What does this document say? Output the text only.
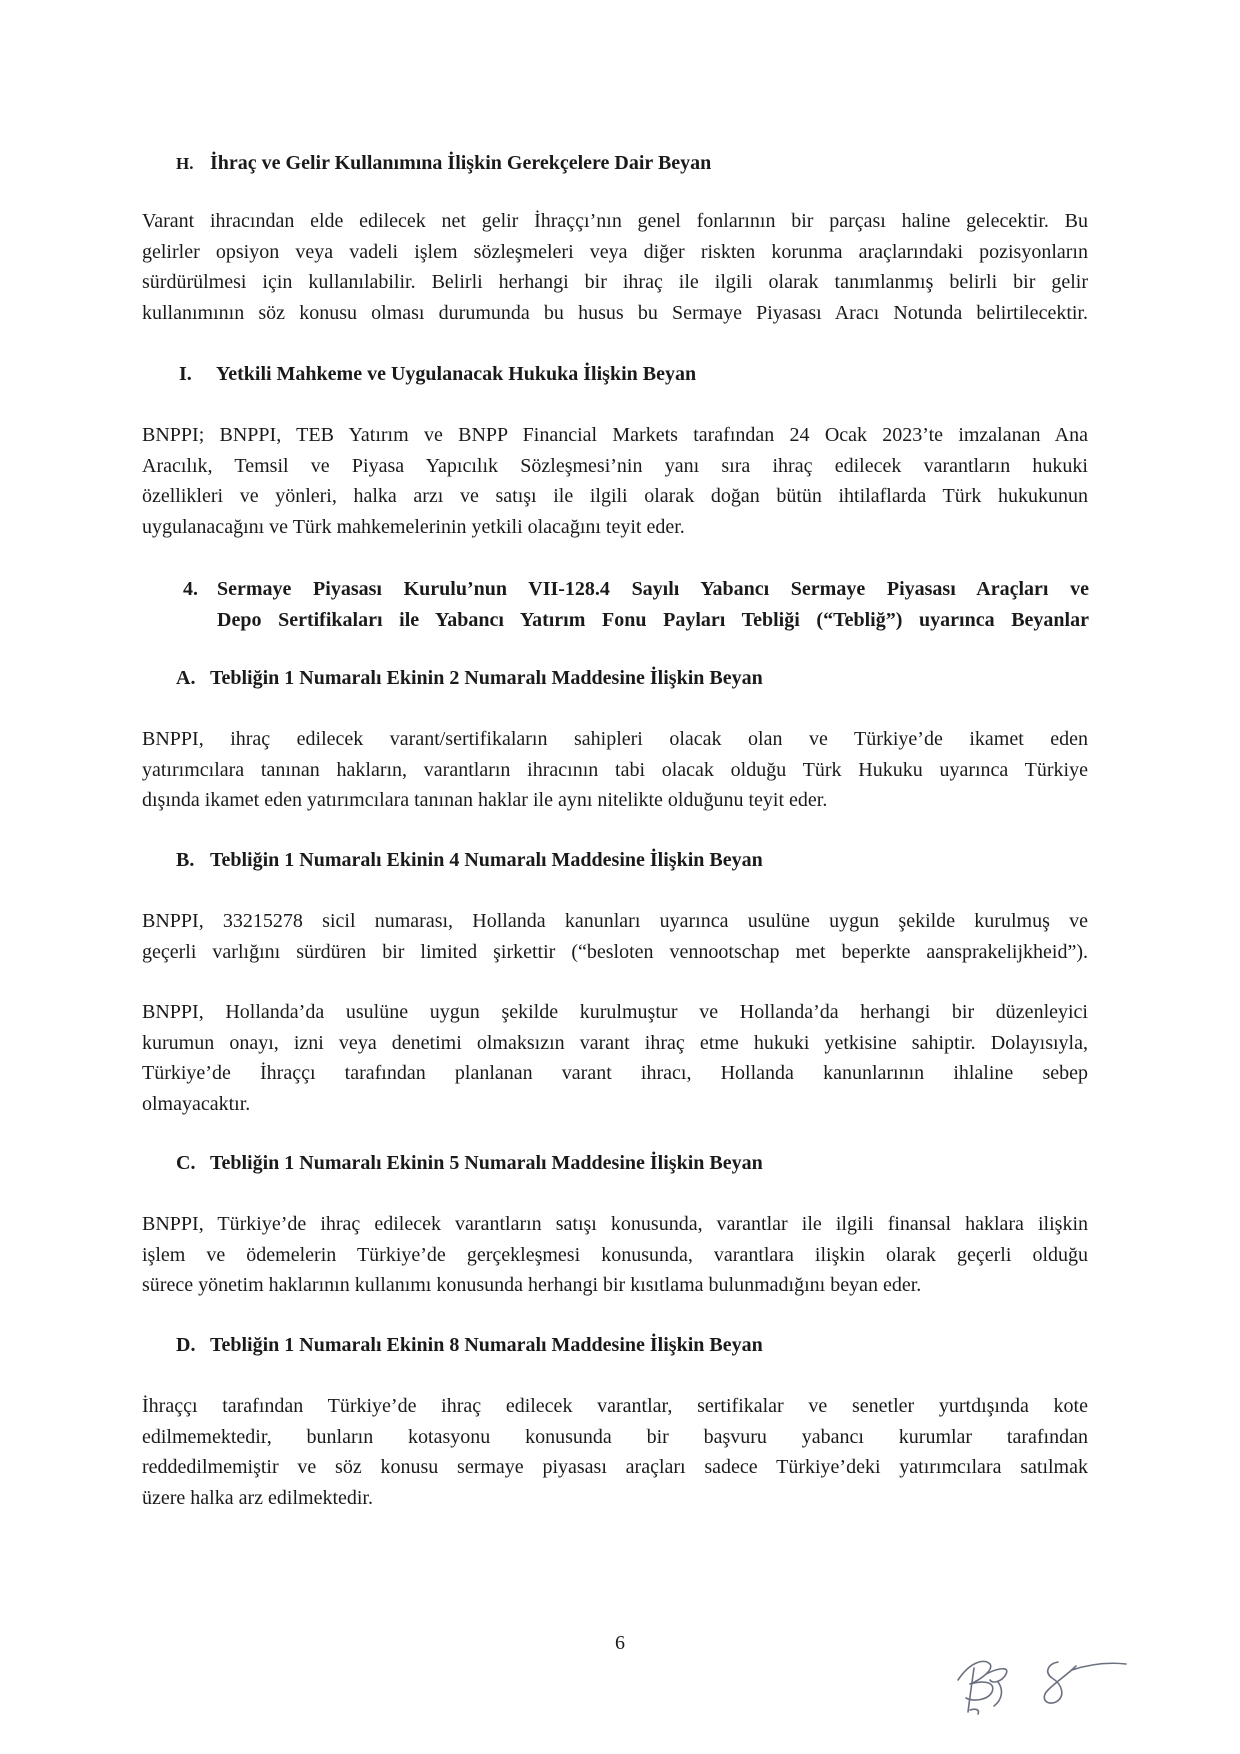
H. İhraç ve Gelir Kullanımına İlişkin Gerekçelere Dair Beyan
Varant ihracından elde edilecek net gelir İhraççı’nın genel fonlarının bir parçası haline gelecektir. Bu
gelirler opsiyon veya vadeli işlem sözleşmeleri veya diğer riskten korunma araçlarındaki pozisyonların
sürdürülmesi için kullanılabilir. Belirli herhangi bir ihraç ile ilgili olarak tanımlanmış belirli bir gelir
kullanımının söz konusu olması durumunda bu husus bu Sermaye Piyasası Aracı Notunda belirtilecektir.
I. Yetkili Mahkeme ve Uygulanacak Hukuka İlişkin Beyan
BNPPI; BNPPI, TEB Yatırım ve BNPP Financial Markets tarafından 24 Ocak 2023’te imzalanan Ana
Aracılık, Temsil ve Piyasa Yapıcılık Sözleşmesi’nin yanı sıra ihraç edilecek varantların hukuki
özellikleri ve yönleri, halka arzı ve satışı ile ilgili olarak doğan bütün ihtilaflarda Türk hukukunun
uygulanacağını ve Türk mahkemelerinin yetkili olacağını teyit eder.
4. Sermaye Piyasası Kurulu’nun VII-128.4 Sayılı Yabancı Sermaye Piyasası Araçları ve
Depo Sertifikaları ile Yabancı Yatırım Fonu Payları Tebliği (“Tebliğ”) uyarınca Beyanlar
A. Tebliğin 1 Numaralı Ekinin 2 Numaralı Maddesine İlişkin Beyan
BNPPI, ihraç edilecek varant/sertifikaların sahipleri olacak olan ve Türkiye’de ikamet eden
yatırımcılara tanınan hakların, varantların ihracının tabi olacak olduğu Türk Hukuku uyarınca Türkiye
dışında ikamet eden yatırımcılara tanınan haklar ile aynı nitelikte olduğunu teyit eder.
B. Tebliğin 1 Numaralı Ekinin 4 Numaralı Maddesine İlişkin Beyan
BNPPI, 33215278 sicil numarası, Hollanda kanunları uyarınca usulüne uygun şekilde kurulmuş ve
geçerli varlığını sürdüren bir limited şirkettir (“besloten vennootschap met beperkte aansprakelijkheid”).
BNPPI, Hollanda’da usulüne uygun şekilde kurulmuştur ve Hollanda’da herhangi bir düzenleyici
kurumun onayı, izni veya denetimi olmaksızın varant ihraç etme hukuki yetkisine sahiptir. Dolayısıyla,
Türkiye’de İhraççı tarafından planlanan varant ihracı, Hollanda kanunlarının ihlaline sebep
olmayacaktır.
C. Tebliğin 1 Numaralı Ekinin 5 Numaralı Maddesine İlişkin Beyan
BNPPI, Türkiye’de ihraç edilecek varantların satışı konusunda, varantlar ile ilgili finansal haklara ilişkin
işlem ve ödemelerin Türkiye’de gerçekleşmesi konusunda, varantlara ilişkin olarak geçerli olduğu
sürece yönetim haklarının kullanımı konusunda herhangi bir kısıtlama bulunmadığını beyan eder.
D. Tebliğin 1 Numaralı Ekinin 8 Numaralı Maddesine İlişkin Beyan
İhraççı tarafından Türkiye’de ihraç edilecek varantlar, sertifikalar ve senetler yurtdışında kote
edilmemektedir, bunların kotasyonu konusunda bir başvuru yabancı kurumlar tarafından
reddedilmemiştir ve söz konusu sermaye piyasası araçları sadece Türkiye’deki yatırımcılara satılmak
üzere halka arz edilmektedir.
6
